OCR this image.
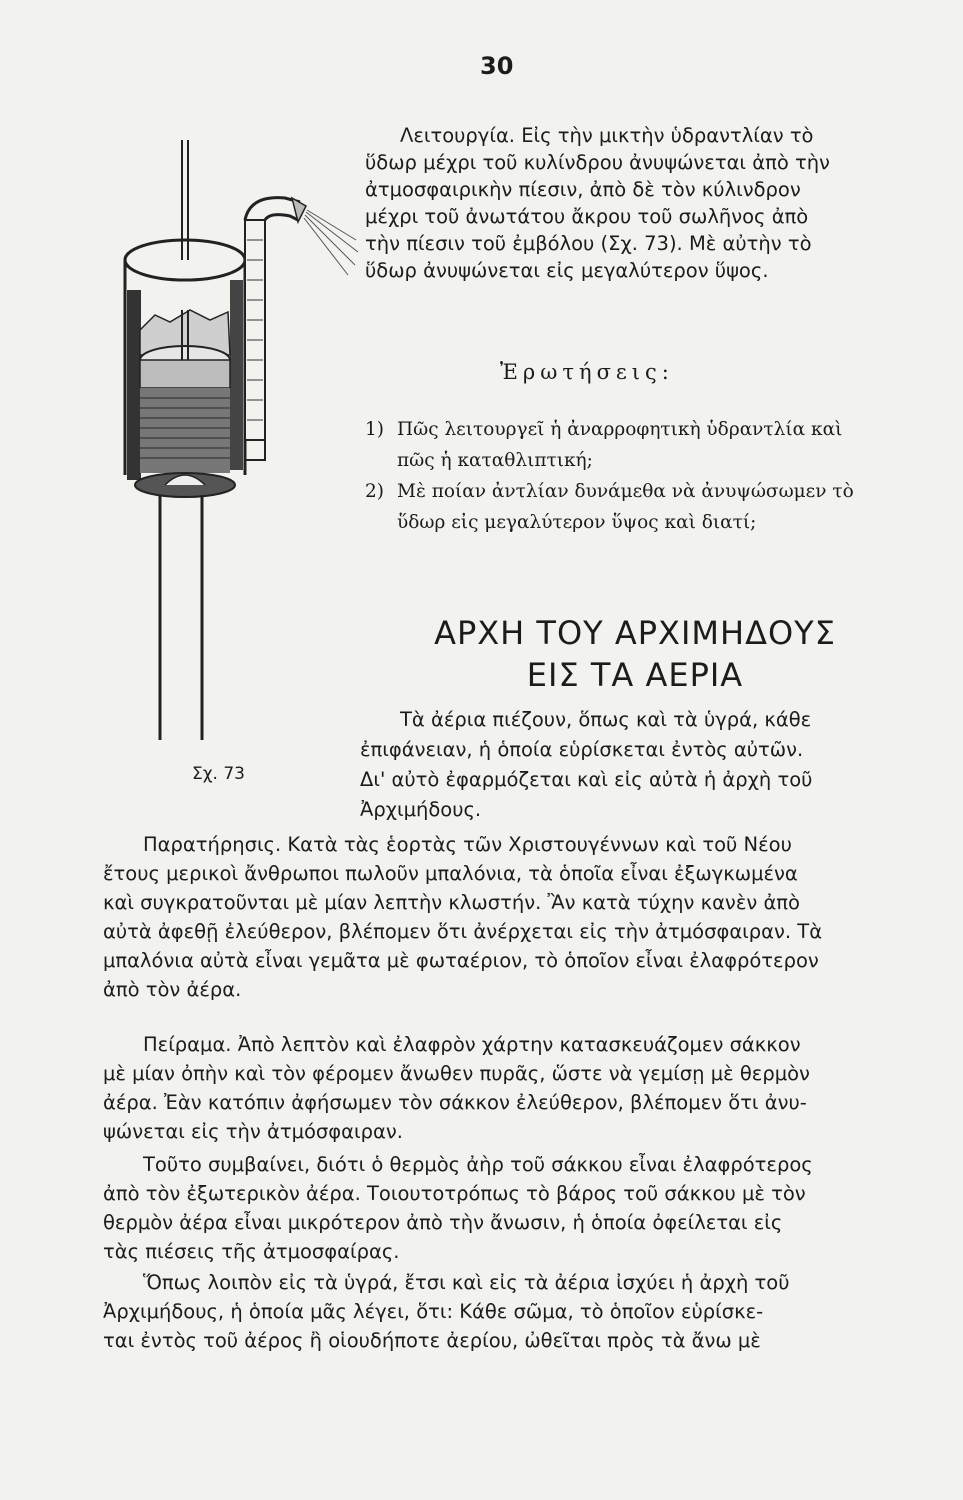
30
Λειτουργία. Εἰς τὴν μικτὴν ὑδραντλίαν τὸ
ὕδωρ μέχρι τοῦ κυλίνδρου ἀνυψώνεται ἀπὸ τὴν
ἀτμοσφαιρικὴν πίεσιν, ἀπὸ δὲ τὸν κύλινδρον
μέχρι τοῦ ἀνωτάτου ἄκρου τοῦ σωλῆνος ἀπὸ
τὴν πίεσιν τοῦ ἐμβόλου (Σχ. 73). Μὲ αὐτὴν τὸ
ὕδωρ ἀνυψώνεται εἰς μεγαλύτερον ὕψος.
Ἐρωτήσεις:
1) Πῶς λειτουργεῖ ἡ ἀναρροφητικὴ ὑδραντλία καὶ
πῶς ἡ καταθλιπτική;
2) Μὲ ποίαν ἀντλίαν δυνάμεθα νὰ ἀνυψώσωμεν τὸ
ὕδωρ εἰς μεγαλύτερον ὕψος καὶ διατί;
ΑΡΧΗ ΤΟΥ ΑΡΧΙΜΗΔΟΥΣ
ΕΙΣ ΤΑ ΑΕΡΙΑ
Τὰ ἀέρια πιέζουν, ὅπως καὶ τὰ ὑγρά, κάθε
ἐπιφάνειαν, ἡ ὁποία εὑρίσκεται ἐντὸς αὐτῶν.
Δι' αὐτὸ ἐφαρμόζεται καὶ εἰς αὐτὰ ἡ ἀρχὴ τοῦ
Ἀρχιμήδους.
Σχ. 73
Παρατήρησις. Κατὰ τὰς ἑορτὰς τῶν Χριστουγέννων καὶ τοῦ Νέου
ἔτους μερικοὶ ἄνθρωποι πωλοῦν μπαλόνια, τὰ ὁποῖα εἶναι ἐξωγκωμένα
καὶ συγκρατοῦνται μὲ μίαν λεπτὴν κλωστήν. Ἂν κατὰ τύχην κανὲν ἀπὸ
αὐτὰ ἀφεθῇ ἐλεύθερον, βλέπομεν ὅτι ἀνέρχεται εἰς τὴν ἀτμόσφαιραν. Τὰ
μπαλόνια αὐτὰ εἶναι γεμᾶτα μὲ φωταέριον, τὸ ὁποῖον εἶναι ἐλαφρότερον
ἀπὸ τὸν ἀέρα.
Πείραμα. Ἀπὸ λεπτὸν καὶ ἐλαφρὸν χάρτην κατασκευάζομεν σάκκον
μὲ μίαν ὀπὴν καὶ τὸν φέρομεν ἄνωθεν πυρᾶς, ὥστε νὰ γεμίσῃ μὲ θερμὸν
ἀέρα. Ἐὰν κατόπιν ἀφήσωμεν τὸν σάκκον ἐλεύθερον, βλέπομεν ὅτι ἀνυ-
ψώνεται εἰς τὴν ἀτμόσφαιραν.
Τοῦτο συμβαίνει, διότι ὁ θερμὸς ἀὴρ τοῦ σάκκου εἶναι ἐλαφρότερος
ἀπὸ τὸν ἐξωτερικὸν ἀέρα. Τοιουτοτρόπως τὸ βάρος τοῦ σάκκου μὲ τὸν
θερμὸν ἀέρα εἶναι μικρότερον ἀπὸ τὴν ἄνωσιν, ἡ ὁποία ὀφείλεται εἰς
τὰς πιέσεις τῆς ἀτμοσφαίρας.
Ὅπως λοιπὸν εἰς τὰ ὑγρά, ἔτσι καὶ εἰς τὰ ἀέρια ἰσχύει ἡ ἀρχὴ τοῦ
Ἀρχιμήδους, ἡ ὁποία μᾶς λέγει, ὅτι: Κάθε σῶμα, τὸ ὁποῖον εὑρίσκε-
ται ἐντὸς τοῦ ἀέρος ἢ οἱουδήποτε ἀερίου, ὠθεῖται πρὸς τὰ ἄνω μὲ
